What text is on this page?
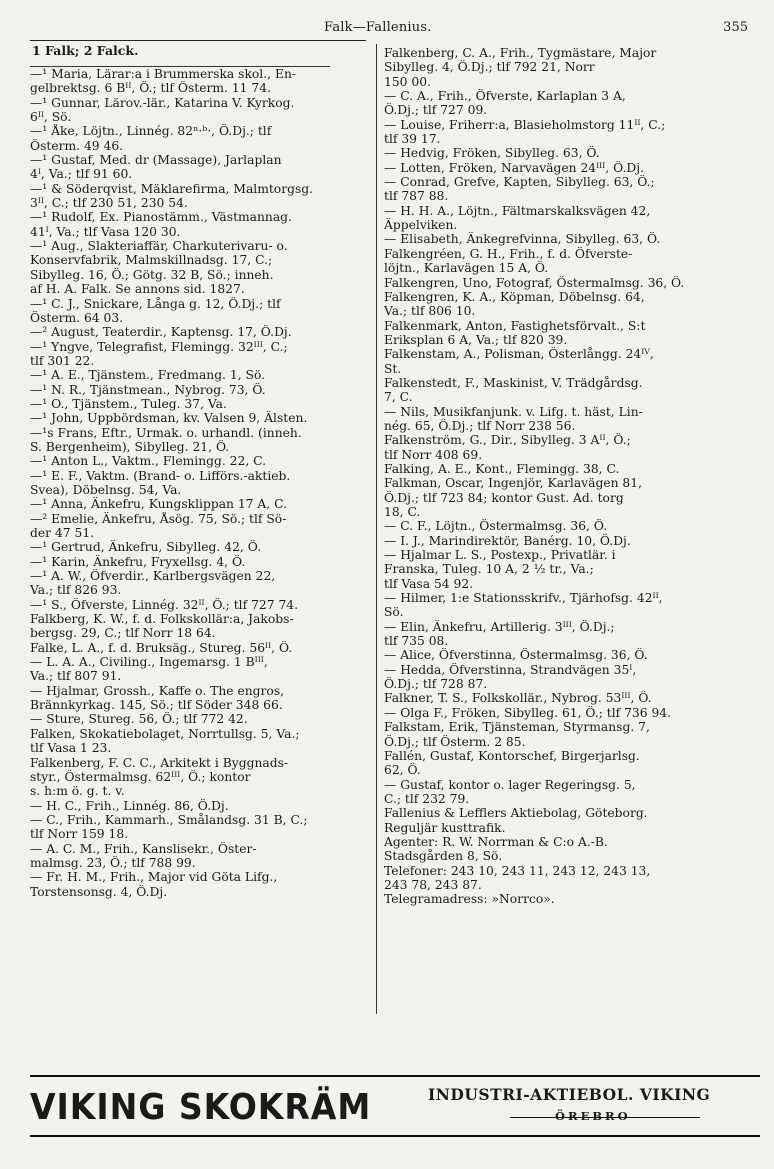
Falk—Fallenius.	355
1 Falk; 2 Falck.
—¹ Maria, Lärar:a i Brummerska skol., En-
gelbrektsg. 6 Bᴵᴵ, Ö.; tlf Österm. 11 74.
—¹ Gunnar, Lärov.-lär., Katarina V. Kyrkog.
6ᴵᴵ, Sö.
—¹ Åke, Löjtn., Linnég. 82ⁿ·ᵇ·, Ö.Dj.; tlf
Österm. 49 46.
—¹ Gustaf, Med. dr (Massage), Jarlaplan
4ᴵ, Va.; tlf 91 60.
—¹ & Söderqvist, Mäklarefirma, Malmtorgsg.
3ᴵᴵ, C.; tlf 230 51, 230 54.
—¹ Rudolf, Ex. Pianostämm., Västmannag.
41ᴵ, Va.; tlf Vasa 120 30.
—¹ Aug., Slakteriaffär, Charkuterivaru- o.
Konservfabrik, Malmskillnadsg. 17, C.;
Sibylleg. 16, Ö.; Götg. 32 B, Sö.; inneh.
af H. A. Falk. Se annons sid. 1827.
—¹ C. J., Snickare, Långa g. 12, Ö.Dj.; tlf
Österm. 64 03.
—² August, Teaterdir., Kaptensg. 17, Ö.Dj.
—¹ Yngve, Telegrafist, Flemingg. 32ᴵᴵᴵ, C.;
tlf 301 22.
—¹ A. E., Tjänstem., Fredmang. 1, Sö.
—¹ N. R., Tjänstmean., Nybrog. 73, Ö.
—¹ O., Tjänstem., Tuleg. 37, Va.
—¹ John, Uppbördsman, kv. Valsen 9, Älsten.
—¹s Frans, Eftr., Urmak. o. urhandl. (inneh.
S. Bergenheim), Sibylleg. 21, Ö.
—¹ Anton L., Vaktm., Flemingg. 22, C.
—¹ E. F., Vaktm. (Brand- o. Lifförs.-aktieb.
Svea), Döbelnsg. 54, Va.
—¹ Anna, Änkefru, Kungsklippan 17 A, C.
—² Emelie, Änkefru, Åsög. 75, Sö.; tlf Sö-
der 47 51.
—¹ Gertrud, Änkefru, Sibylleg. 42, Ö.
—¹ Karin, Änkefru, Fryxellsg. 4, Ö.
—¹ A. W., Öfverdir., Karlbergsvägen 22,
Va.; tlf 826 93.
—¹ S., Öfverste, Linnég. 32ᴵᴵ, Ö.; tlf 727 74.
Falkberg, K. W., f. d. Folkskollär:a, Jakobs-
bergsg. 29, C.; tlf Norr 18 64.
Falke, L. A., f. d. Bruksäg., Stureg. 56ᴵᴵ, Ö.
— L. A. A., Civiling., Ingemarsg. 1 Bᴵᴵᴵ,
Va.; tlf 807 91.
— Hjalmar, Grossh., Kaffe o. The engros,
Brännkyrkag. 145, Sö.; tlf Söder 348 66.
— Sture, Stureg. 56, Ö.; tlf 772 42.
Falken, Skokatiebolaget, Norrtullsg. 5, Va.;
tlf Vasa 1 23.
Falkenberg, F. C. C., Arkitekt i Byggnads-
styr., Östermalmsg. 62ᴵᴵᴵ, Ö.; kontor
s. h:m ö. g. t. v.
— H. C., Frih., Linnég. 86, Ö.Dj.
— C., Frih., Kammarh., Smålandsg. 31 B, C.;
tlf Norr 159 18.
— A. C. M., Frih., Kanslisekr., Öster-
malmsg. 23, Ö.; tlf 788 99.
— Fr. H. M., Frih., Major vid Göta Lifg.,
Torstensonsg. 4, Ö.Dj.
Falkenberg, C. A., Frih., Tygmästare, Major
Sibylleg. 4, Ö.Dj.; tlf 792 21, Norr
150 00.
— C. A., Frih., Öfverste, Karlaplan 3 A,
Ö.Dj.; tlf 727 09.
— Louise, Friherr:a, Blasieholmstorg 11ᴵᴵ, C.;
tlf 39 17.
— Hedvig, Fröken, Sibylleg. 63, Ö.
— Lotten, Fröken, Narvavägen 24ᴵᴵᴵ, Ö.Dj.
— Conrad, Grefve, Kapten, Sibylleg. 63, Ö.;
tlf 787 88.
— H. H. A., Löjtn., Fältmarskalksvägen 42,
Äppelviken.
— Elisabeth, Änkegrefvinna, Sibylleg. 63, Ö.
Falkengréen, G. H., Frih., f. d. Öfverste-
löjtn., Karlavägen 15 A, Ö.
Falkengren, Uno, Fotograf, Östermalmsg. 36, Ö.
Falkengren, K. A., Köpman, Döbelnsg. 64,
Va.; tlf 806 10.
Falkenmark, Anton, Fastighetsförvalt., S:t
Eriksplan 6 A, Va.; tlf 820 39.
Falkenstam, A., Polisman, Österlångg. 24ᴵⱽ,
St.
Falkenstedt, F., Maskinist, V. Trädgårdsg.
7, C.
— Nils, Musikfanjunk. v. Lifg. t. häst, Lin-
nég. 65, Ö.Dj.; tlf Norr 238 56.
Falkenström, G., Dir., Sibylleg. 3 Aᴵᴵ, Ö.;
tlf Norr 408 69.
Falking, A. E., Kont., Flemingg. 38, C.
Falkman, Oscar, Ingenjör, Karlavägen 81,
Ö.Dj.; tlf 723 84; kontor Gust. Ad. torg
18, C.
— C. F., Löjtn., Östermalmsg. 36, Ö.
— I. J., Marindirektör, Banérg. 10, Ö.Dj.
— Hjalmar L. S., Postexp., Privatlär. i
Franska, Tuleg. 10 A, 2 ½ tr., Va.;
tlf Vasa 54 92.
— Hilmer, 1:e Stationsskrifv., Tjärhofsg. 42ᴵᴵ,
Sö.
— Elin, Änkefru, Artillerig. 3ᴵᴵᴵ, Ö.Dj.;
tlf 735 08.
— Alice, Öfverstinna, Östermalmsg. 36, Ö.
— Hedda, Öfverstinna, Strandvägen 35ᴵ,
Ö.Dj.; tlf 728 87.
Falkner, T. S., Folkskollär., Nybrog. 53ᴵᴵᴵ, Ö.
— Olga F., Fröken, Sibylleg. 61, Ö.; tlf 736 94.
Falkstam, Erik, Tjänsteman, Styrmansg. 7,
Ö.Dj.; tlf Österm. 2 85.
Fallén, Gustaf, Kontorschef, Birgerjarlsg.
62, Ö.
— Gustaf, kontor o. lager Regeringsg. 5,
C.; tlf 232 79.
Fallenius & Lefflers Aktiebolag, Göteborg.
Reguljär kusttrafik.
Agenter: R. W. Norrman & C:o A.-B.
Stadsgården 8, Sö.
Telefoner: 243 10, 243 11, 243 12, 243 13,
243 78, 243 87.
Telegramadress: »Norrco».
VIKING SKOKRÄM	INDUSTRI-AKTIEBOL. VIKING
ÖREBRO
